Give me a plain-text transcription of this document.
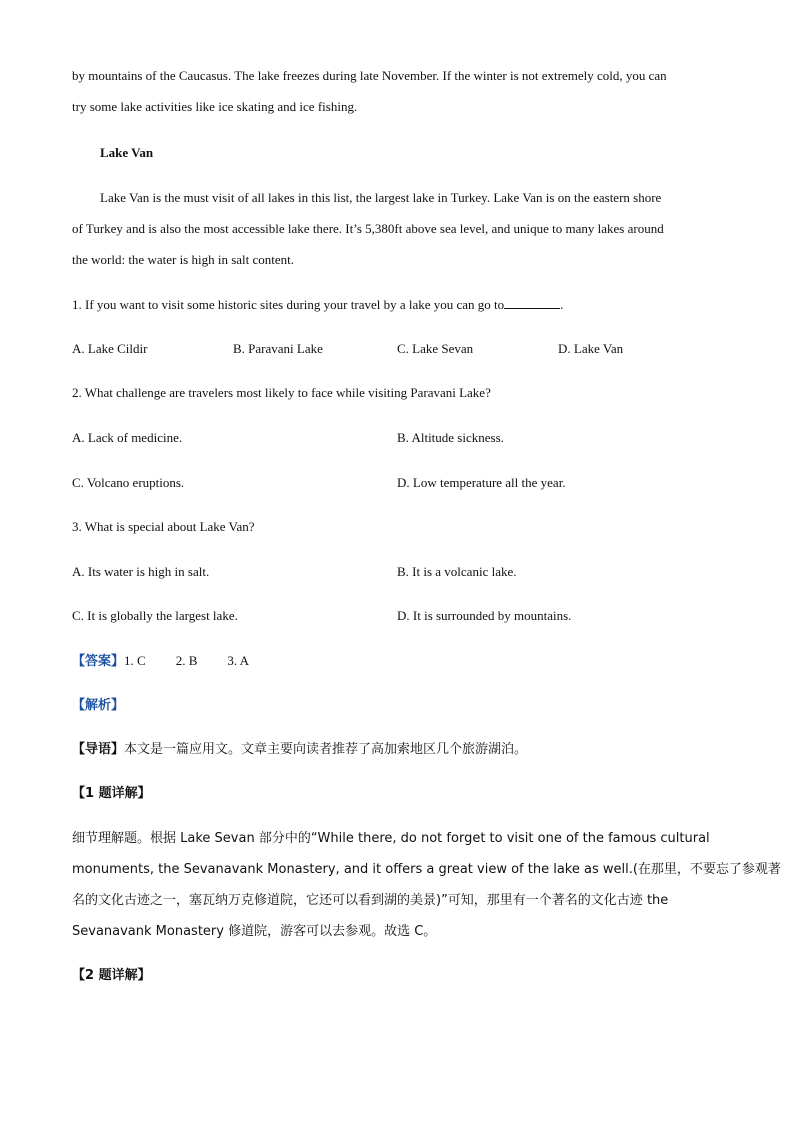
by mountains of the Caucasus. The lake freezes during late November. If the winter is not extremely cold, you can
try some lake activities like ice skating and ice fishing.
Lake Van
Lake Van is the must visit of all lakes in this list, the largest lake in Turkey. Lake Van is on the eastern shore
of Turkey and is also the most accessible lake there. It’s 5,380ft above sea level, and unique to many lakes around
the world: the water is high in salt content.
1. If you want to visit some historic sites during your travel by a lake you can go to	.
A. Lake Cildir	B. Paravani Lake	C. Lake Sevan	D. Lake Van
2. What challenge are travelers most likely to face while visiting Paravani Lake?
A. Lack of medicine.	B. Altitude sickness.
C. Volcano eruptions.	D. Low temperature all the year.
3. What is special about Lake Van?
A. Its water is high in salt.	B. It is a volcanic lake.
C. It is globally the largest lake.	D. It is surrounded by mountains.
【答案】1. C 2. B 3. A
【解析】
【导语】本文是一篇应用文。文章主要向读者推荐了高加索地区几个旅游湖泊。
【1 题详解】
细节理解题。根据 Lake Sevan 部分中的“While there, do not forget to visit one of the famous cultural
monuments, the Sevanavank Monastery, and it offers a great view of the lake as well.(在那里，不要忘了参观著
名的文化古迹之一，塞瓦纳万克修道院，它还可以看到湖的美景)”可知，那里有一个著名的文化古迹 the
Sevanavank Monastery 修道院，游客可以去参观。故选 C。
【2 题详解】
